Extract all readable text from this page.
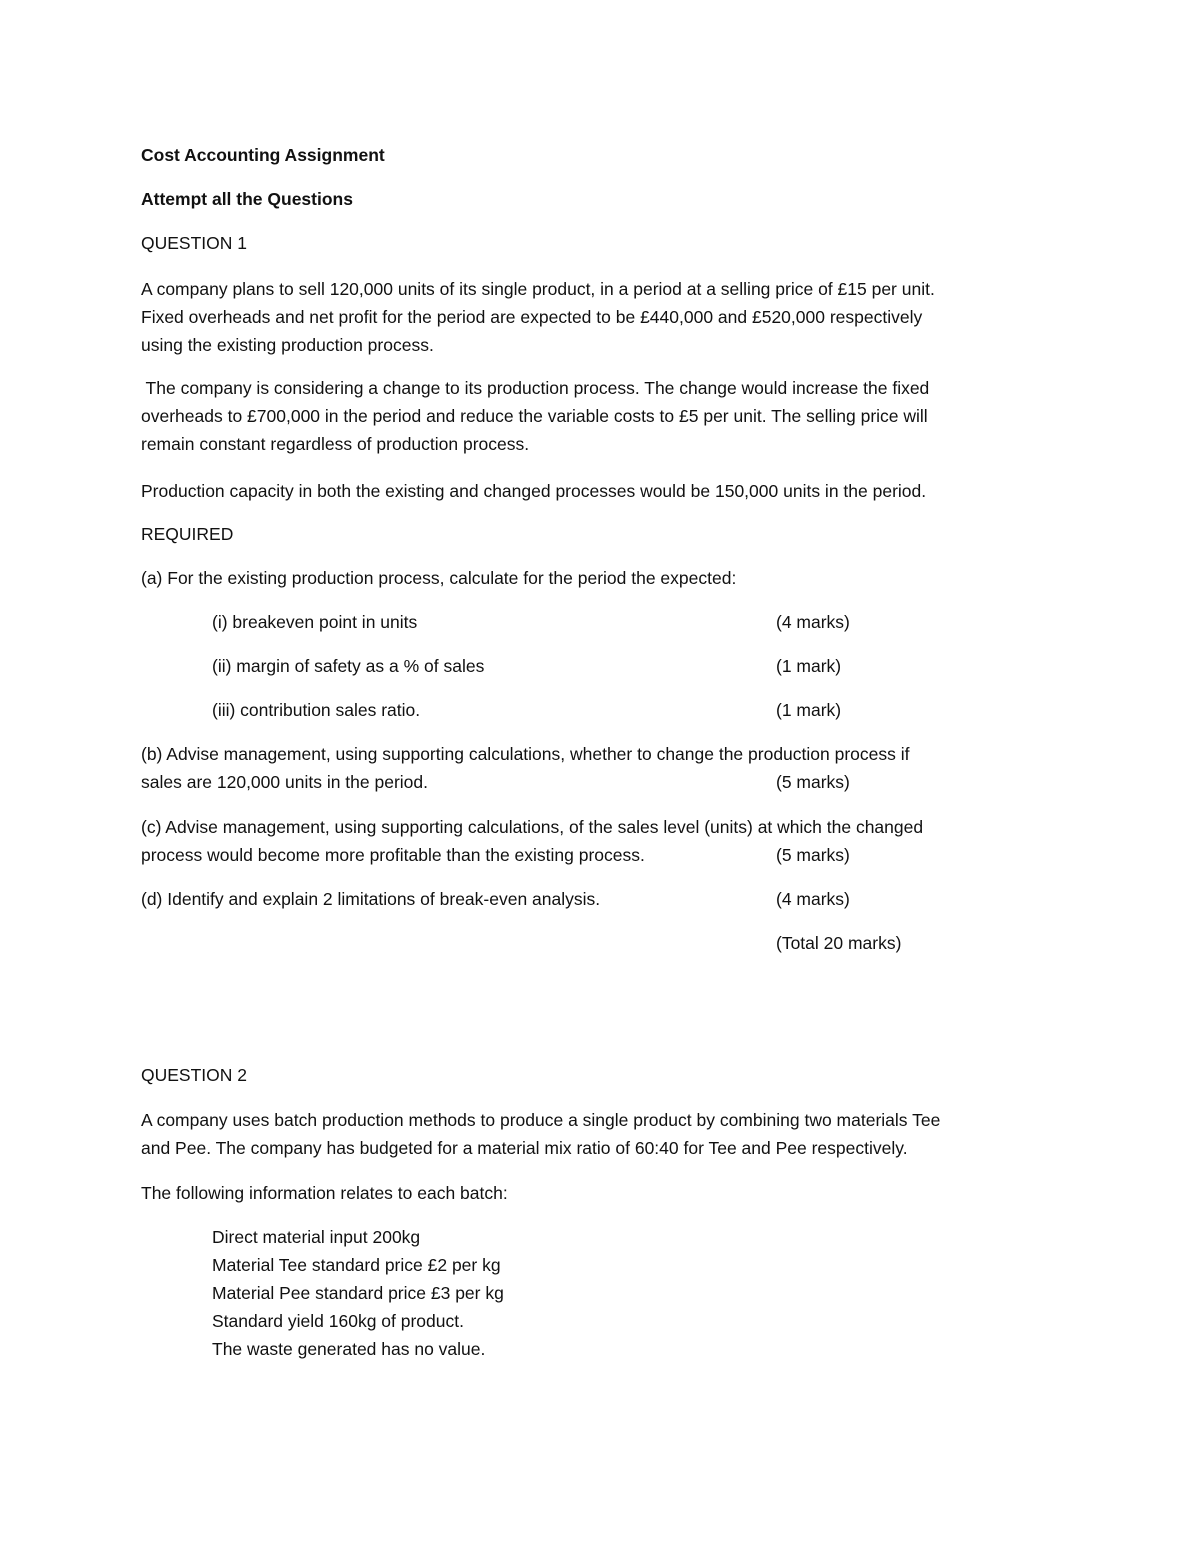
Cost Accounting Assignment
Attempt all the Questions
QUESTION 1
A company plans to sell 120,000 units of its single product, in a period at a selling price of £15 per unit.
Fixed overheads and net profit for the period are expected to be £440,000 and £520,000 respectively
using the existing production process.
The company is considering a change to its production process. The change would increase the fixed
overheads to £700,000 in the period and reduce the variable costs to £5 per unit. The selling price will
remain constant regardless of production process.
Production capacity in both the existing and changed processes would be 150,000 units in the period.
REQUIRED
(a) For the existing production process, calculate for the period the expected:
(i) breakeven point in units	(4 marks)
(ii) margin of safety as a % of sales	(1 mark)
(iii) contribution sales ratio.	(1 mark)
(b) Advise management, using supporting calculations, whether to change the production process if
sales are 120,000 units in the period.	(5 marks)
(c) Advise management, using supporting calculations, of the sales level (units) at which the changed
process would become more profitable than the existing process.	(5 marks)
(d) Identify and explain 2 limitations of break-even analysis.	(4 marks)
(Total 20 marks)
QUESTION 2
A company uses batch production methods to produce a single product by combining two materials Tee
and Pee. The company has budgeted for a material mix ratio of 60:40 for Tee and Pee respectively.
The following information relates to each batch:
Direct material input 200kg
Material Tee standard price £2 per kg
Material Pee standard price £3 per kg
Standard yield 160kg of product.
The waste generated has no value.
